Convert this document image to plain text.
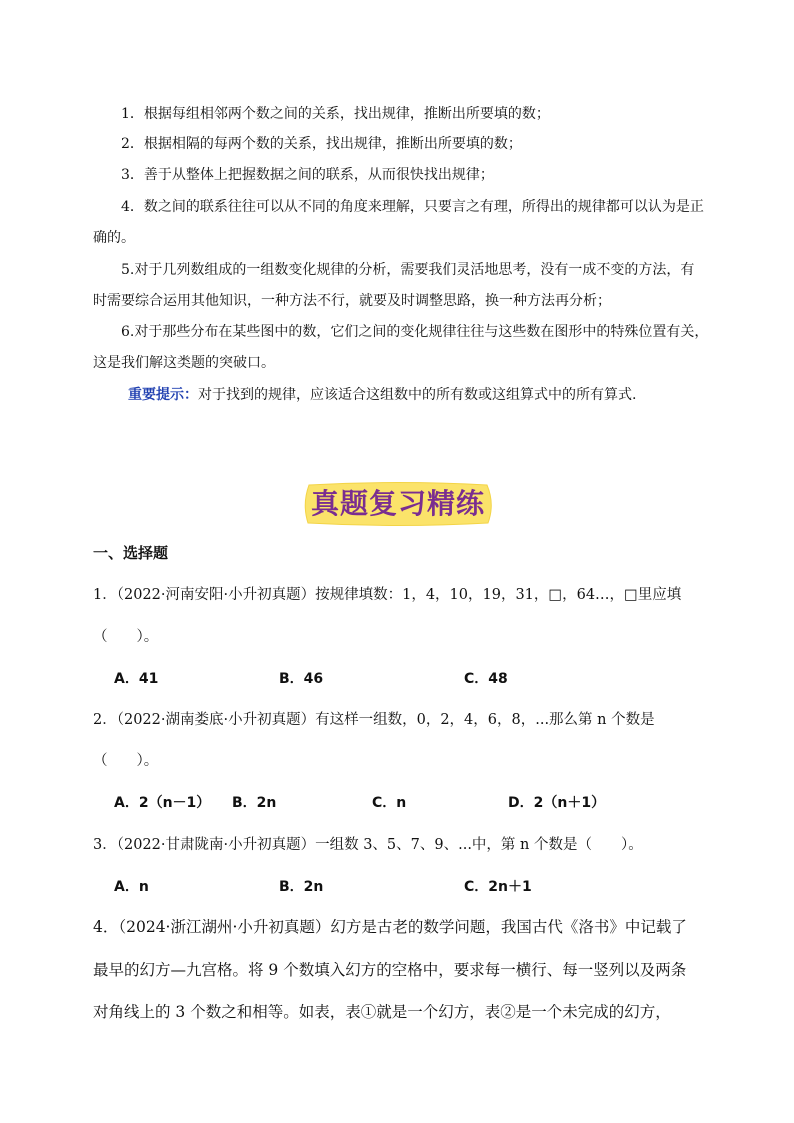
1．根据每组相邻两个数之间的关系，找出规律，推断出所要填的数；
2．根据相隔的每两个数的关系，找出规律，推断出所要填的数；
3．善于从整体上把握数据之间的联系，从而很快找出规律；
4．数之间的联系往往可以从不同的角度来理解，只要言之有理，所得出的规律都可以认为是正
确的。
5.对于几列数组成的一组数变化规律的分析，需要我们灵活地思考，没有一成不变的方法，有
时需要综合运用其他知识，一种方法不行，就要及时调整思路，换一种方法再分析；
6.对于那些分布在某些图中的数，它们之间的变化规律往往与这些数在图形中的特殊位置有关，
这是我们解这类题的突破口。
重要提示：对于找到的规律，应该适合这组数中的所有数或这组算式中的所有算式.
真题复习精练
一、选择题
1．（2022·河南安阳·小升初真题）按规律填数：1，4，10，19，31，□，64…，□里应填
（　　）。
A．41	B．46	C．48
2．（2022·湖南娄底·小升初真题）有这样一组数，0，2，4，6，8，...那么第 n 个数是
（　　）。
A．2（n－1） B．2n	C．n	D．2（n＋1）
3．（2022·甘肃陇南·小升初真题）一组数 3、5、7、9、...中，第 n 个数是（　　）。
A．n	B．2n	C．2n＋1
4．（2024·浙江湖州·小升初真题）幻方是古老的数学问题，我国古代《洛书》中记载了
最早的幻方—九宫格。将 9 个数填入幻方的空格中，要求每一横行、每一竖列以及两条
对角线上的 3 个数之和相等。如表，表①就是一个幻方，表②是一个未完成的幻方，
